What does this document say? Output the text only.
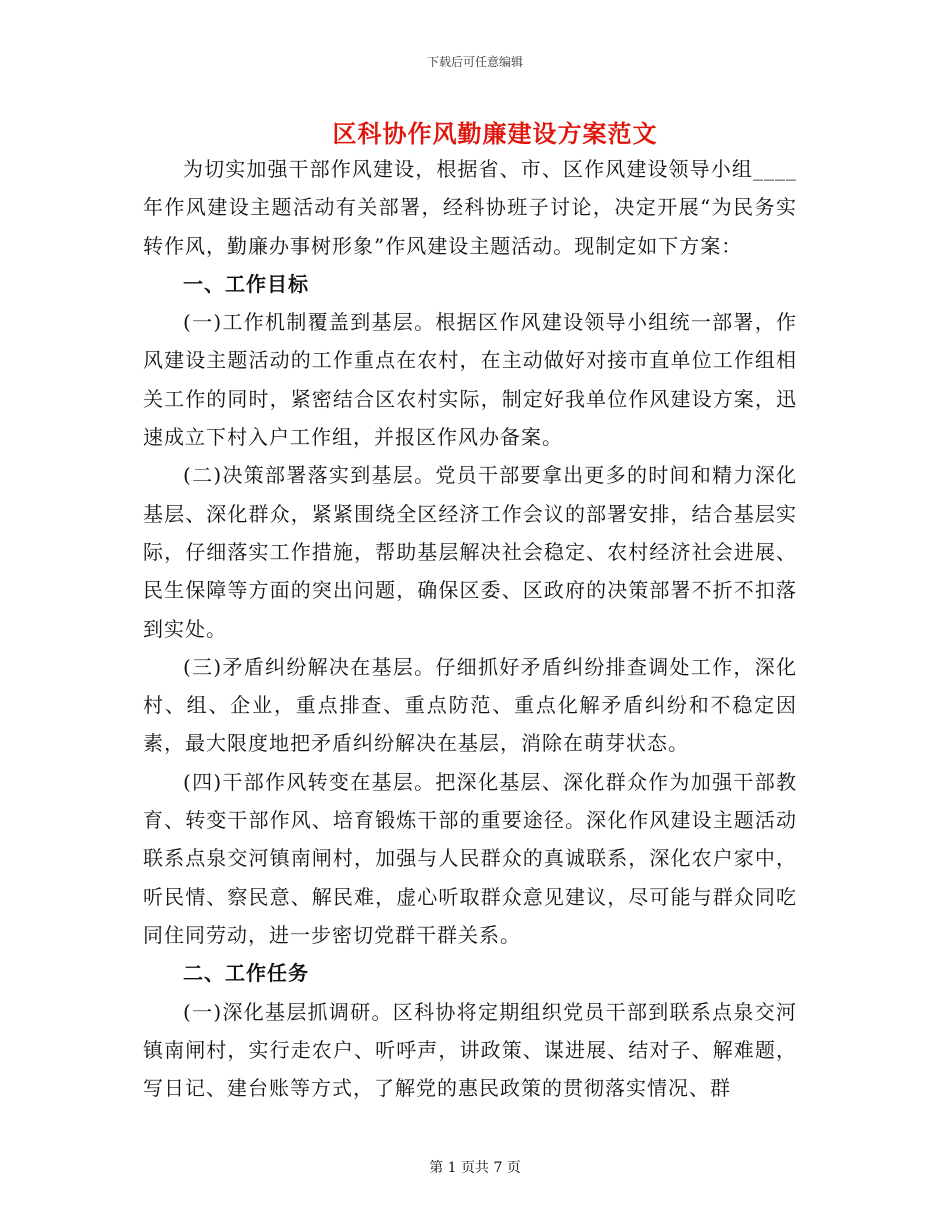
下载后可任意编辑
区科协作风勤廉建设方案范文

为切实加强干部作风建设，根据省、市、区作风建设领导小组____年作风建设主题活动有关部署，经科协班子讨论，决定开展“为民务实转作风，勤廉办事树形象”作风建设主题活动。现制定如下方案：

一、工作目标

(一)工作机制覆盖到基层。根据区作风建设领导小组统一部署，作风建设主题活动的工作重点在农村，在主动做好对接市直单位工作组相关工作的同时，紧密结合区农村实际，制定好我单位作风建设方案，迅速成立下村入户工作组，并报区作风办备案。

(二)决策部署落实到基层。党员干部要拿出更多的时间和精力深化基层、深化群众，紧紧围绕全区经济工作会议的部署安排，结合基层实际，仔细落实工作措施，帮助基层解决社会稳定、农村经济社会进展、民生保障等方面的突出问题，确保区委、区政府的决策部署不折不扣落到实处。

(三)矛盾纠纷解决在基层。仔细抓好矛盾纠纷排查调处工作，深化村、组、企业，重点排查、重点防范、重点化解矛盾纠纷和不稳定因素，最大限度地把矛盾纠纷解决在基层，消除在萌芽状态。

(四)干部作风转变在基层。把深化基层、深化群众作为加强干部教育、转变干部作风、培育锻炼干部的重要途径。深化作风建设主题活动联系点泉交河镇南闸村，加强与人民群众的真诚联系，深化农户家中，听民情、察民意、解民难，虚心听取群众意见建议，尽可能与群众同吃同住同劳动，进一步密切党群干群关系。

二、工作任务

(一)深化基层抓调研。区科协将定期组织党员干部到联系点泉交河镇南闸村，实行走农户、听呼声，讲政策、谋进展、结对子、解难题，写日记、建台账等方式，了解党的惠民政策的贯彻落实情况、群

第 1 页共 7 页
